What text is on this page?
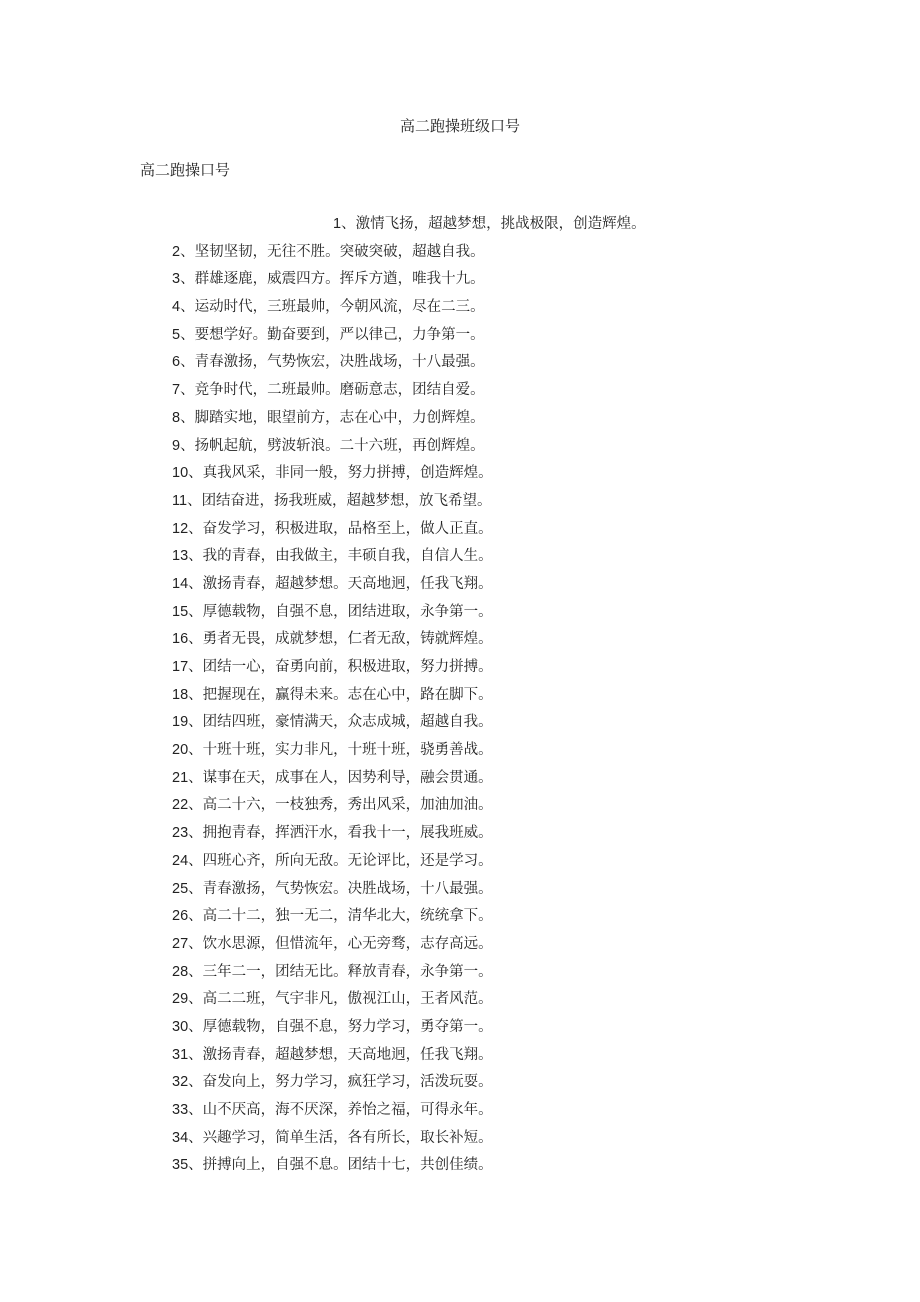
高二跑操班级口号
高二跑操口号
1、激情飞扬，超越梦想，挑战极限，创造辉煌。
2、坚韧坚韧，无往不胜。突破突破，超越自我。
3、群雄逐鹿，威震四方。挥斥方遒，唯我十九。
4、运动时代，三班最帅，今朝风流，尽在二三。
5、要想学好。勤奋要到，严以律己，力争第一。
6、青春激扬，气势恢宏，决胜战场，十八最强。
7、竞争时代，二班最帅。磨砺意志，团结自爱。
8、脚踏实地，眼望前方，志在心中，力创辉煌。
9、扬帆起航，劈波斩浪。二十六班，再创辉煌。
10、真我风采，非同一般，努力拼搏，创造辉煌。
11、团结奋进，扬我班威，超越梦想，放飞希望。
12、奋发学习，积极进取，品格至上，做人正直。
13、我的青春，由我做主，丰硕自我，自信人生。
14、激扬青春，超越梦想。天高地迥，任我飞翔。
15、厚德载物，自强不息，团结进取，永争第一。
16、勇者无畏，成就梦想，仁者无敌，铸就辉煌。
17、团结一心，奋勇向前，积极进取，努力拼搏。
18、把握现在，赢得未来。志在心中，路在脚下。
19、团结四班，豪情满天，众志成城，超越自我。
20、十班十班，实力非凡，十班十班，骁勇善战。
21、谋事在天，成事在人，因势利导，融会贯通。
22、高二十六，一枝独秀，秀出风采，加油加油。
23、拥抱青春，挥洒汗水，看我十一，展我班威。
24、四班心齐，所向无敌。无论评比，还是学习。
25、青春激扬，气势恢宏。决胜战场，十八最强。
26、高二十二，独一无二，清华北大，统统拿下。
27、饮水思源，但惜流年，心无旁骛，志存高远。
28、三年二一，团结无比。释放青春，永争第一。
29、高二二班，气宇非凡，傲视江山，王者风范。
30、厚德载物，自强不息，努力学习，勇夺第一。
31、激扬青春，超越梦想，天高地迥，任我飞翔。
32、奋发向上，努力学习，疯狂学习，活泼玩耍。
33、山不厌高，海不厌深，养怡之福，可得永年。
34、兴趣学习，简单生活，各有所长，取长补短。
35、拼搏向上，自强不息。团结十七，共创佳绩。
